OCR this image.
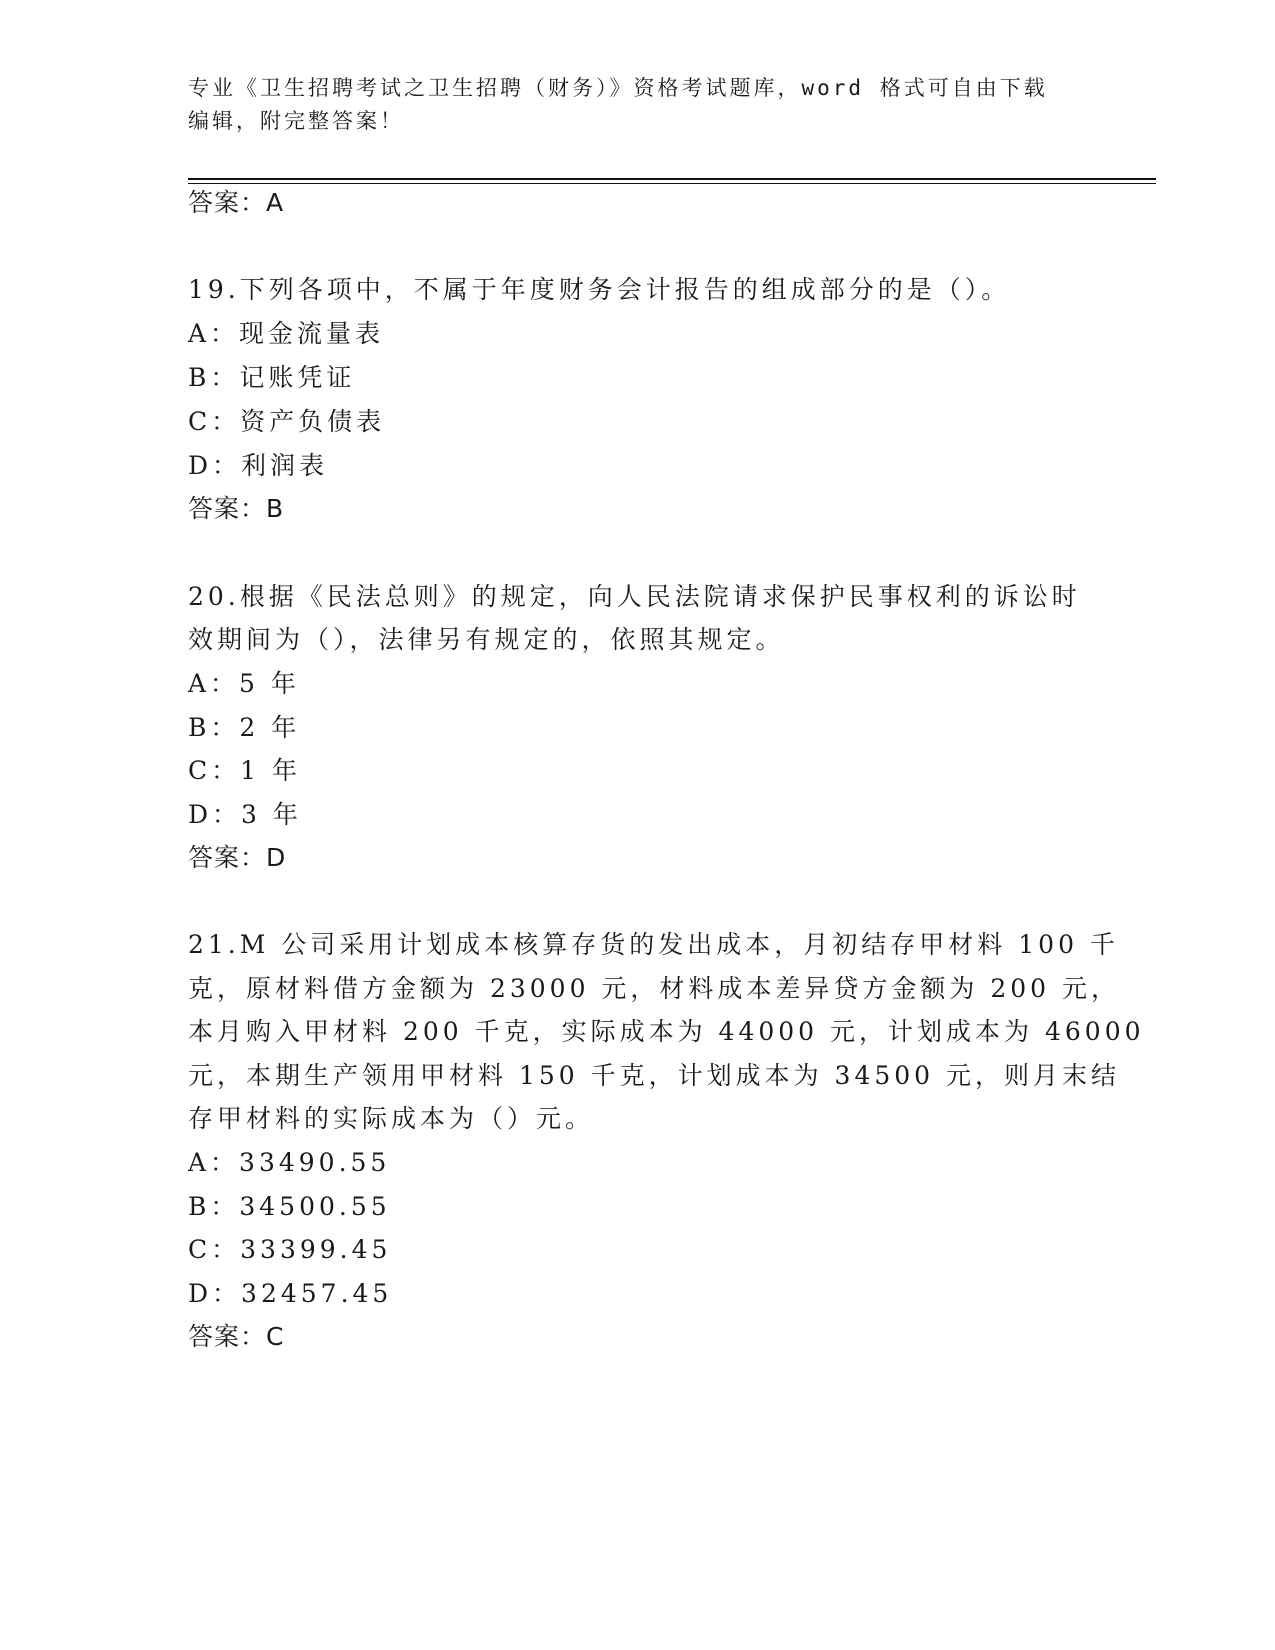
专业《卫生招聘考试之卫生招聘（财务）》资格考试题库，word 格式可自由下载
编辑，附完整答案！
答案：A
19.下列各项中，不属于年度财务会计报告的组成部分的是（）。
A：现金流量表
B：记账凭证
C：资产负债表
D：利润表
答案：B
20.根据《民法总则》的规定，向人民法院请求保护民事权利的诉讼时
效期间为（），法律另有规定的，依照其规定。
A：5 年
B：2 年
C：1 年
D：3 年
答案：D
21.M 公司采用计划成本核算存货的发出成本，月初结存甲材料 100 千
克，原材料借方金额为 23000 元，材料成本差异贷方金额为 200 元，
本月购入甲材料 200 千克，实际成本为 44000 元，计划成本为 46000
元，本期生产领用甲材料 150 千克，计划成本为 34500 元，则月末结
存甲材料的实际成本为（）元。
A：33490.55
B：34500.55
C：33399.45
D：32457.45
答案：C
